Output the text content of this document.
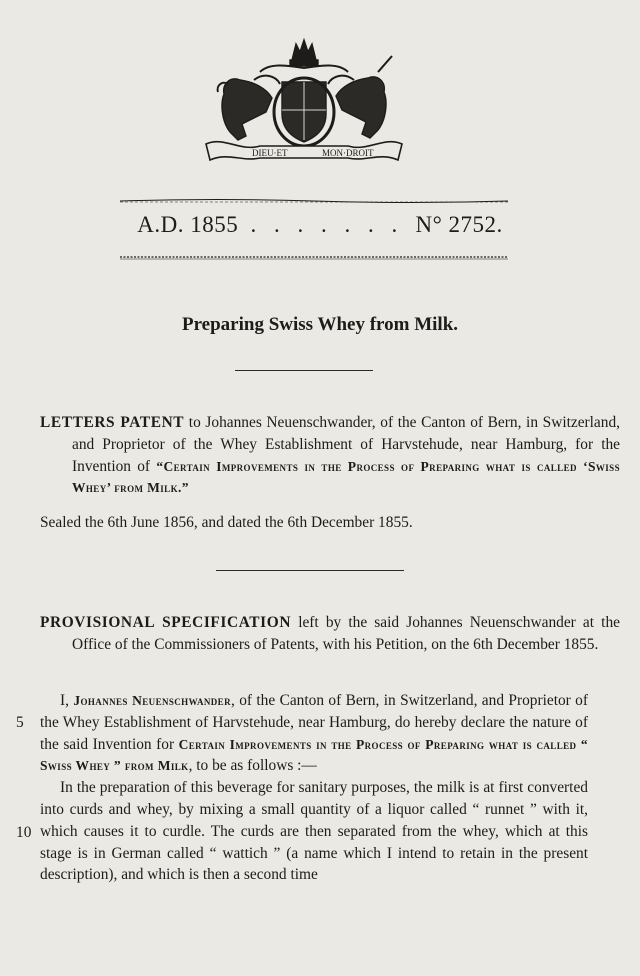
DIEU·ET	MON·DROIT
A.D. 1855 . . . . . . . N° 2752.
Preparing Swiss Whey from Milk.
LETTERS PATENT to Johannes Neuenschwander, of the Canton of Bern, in Switzerland, and Proprietor of the Whey Establishment of Harvstehude, near Hamburg, for the Invention of “Certain Improvements in the Process of Preparing what is called ‘Swiss Whey’ from Milk.”
Sealed the 6th June 1856, and dated the 6th December 1855.
PROVISIONAL SPECIFICATION left by the said Johannes Neuenschwander at the Office of the Commissioners of Patents, with his Petition, on the 6th December 1855.

I, Johannes Neuenschwander, of the Canton of Bern, in Switzerland, and Proprietor of the Whey Establishment of Harvstehude, near Hamburg, do hereby declare the nature of the said Invention for Certain Improvements in the Process of Preparing what is called “ Swiss Whey ” from Milk, to be as follows :—

In the preparation of this beverage for sanitary purposes, the milk is at first converted into curds and whey, by mixing a small quantity of a liquor called “ runnet ” with it, which causes it to curdle. The curds are then separated from the whey, which at this stage is in German called “ wattich ” (a name which I intend to retain in the present description), and which is then a second time

5
10
